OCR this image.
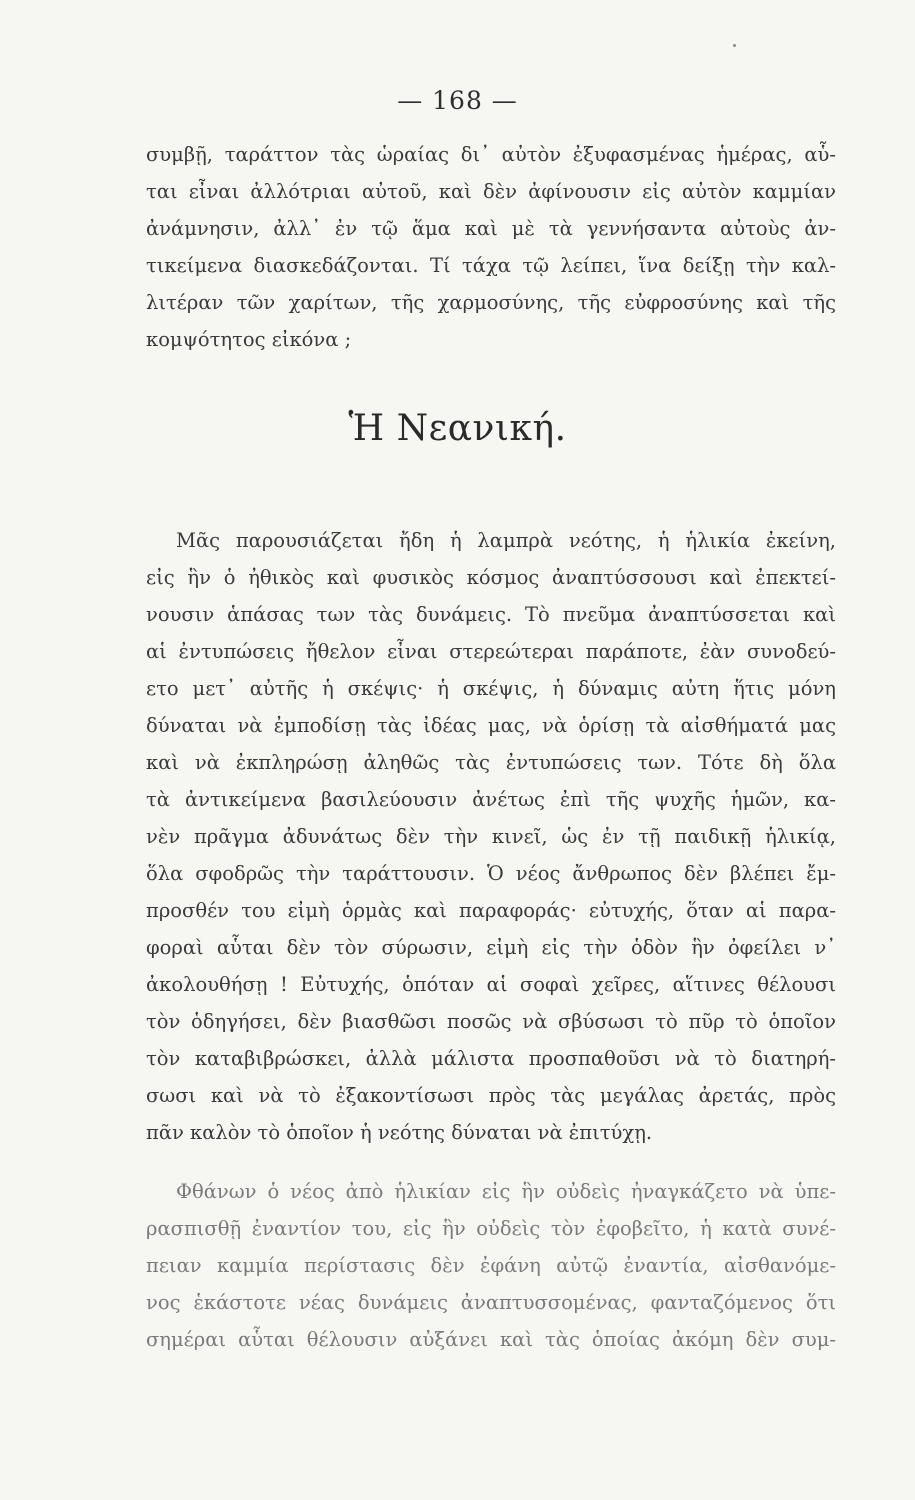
— 168 —
συμβῇ, ταράττον τὰς ὡραίας δι᾽ αὐτὸν ἐξυφασμένας ἡμέρας, αὗ-
ται εἶναι ἀλλότριαι αὐτοῦ, καὶ δὲν ἀφίνουσιν εἰς αὐτὸν καμμίαν
ἀνάμνησιν, ἀλλ᾽ ἐν τῷ ἅμα καὶ μὲ τὰ γεννήσαντα αὐτοὺς ἀν-
τικείμενα διασκεδάζονται. Τί τάχα τῷ λείπει, ἵνα δείξῃ τὴν καλ-
λιτέραν τῶν χαρίτων, τῆς χαρμοσύνης, τῆς εὐφροσύνης καὶ τῆς
κομψότητος εἰκόνα ;
Ἡ Νεανική.
Μᾶς παρουσιάζεται ἤδη ἡ λαμπρὰ νεότης, ἡ ἡλικία ἐκείνη,
εἰς ἣν ὁ ἠθικὸς καὶ φυσικὸς κόσμος ἀναπτύσσουσι καὶ ἐπεκτεί-
νουσιν ἁπάσας των τὰς δυνάμεις. Τὸ πνεῦμα ἀναπτύσσεται καὶ
αἱ ἐντυπώσεις ἤθελον εἶναι στερεώτεραι παράποτε, ἐὰν συνοδεύ-
ετο μετ᾽ αὐτῆς ἡ σκέψις· ἡ σκέψις, ἡ δύναμις αὐτη ἥτις μόνη
δύναται νὰ ἐμποδίσῃ τὰς ἰδέας μας, νὰ ὁρίσῃ τὰ αἰσθήματά μας
καὶ νὰ ἐκπληρώσῃ ἀληθῶς τὰς ἐντυπώσεις των. Τότε δὴ ὅλα
τὰ ἀντικείμενα βασιλεύουσιν ἀνέτως ἐπὶ τῆς ψυχῆς ἡμῶν, κα-
νὲν πρᾶγμα ἀδυνάτως δὲν τὴν κινεῖ, ὡς ἐν τῇ παιδικῇ ἡλικίᾳ,
ὅλα σφοδρῶς τὴν ταράττουσιν. Ὁ νέος ἄνθρωπος δὲν βλέπει ἔμ-
προσθέν του εἰμὴ ὁρμὰς καὶ παραφοράς· εὐτυχής, ὅταν αἱ παρα-
φοραὶ αὗται δὲν τὸν σύρωσιν, εἰμὴ εἰς τὴν ὁδὸν ἣν ὀφείλει ν᾽
ἀκολουθήσῃ ! Εὐτυχής, ὁπόταν αἱ σοφαὶ χεῖρες, αἵτινες θέλουσι
τὸν ὁδηγήσει, δὲν βιασθῶσι ποσῶς νὰ σβύσωσι τὸ πῦρ τὸ ὁποῖον
τὸν καταβιβρώσκει, ἀλλὰ μάλιστα προσπαθοῦσι νὰ τὸ διατηρή-
σωσι καὶ νὰ τὸ ἐξακοντίσωσι πρὸς τὰς μεγάλας ἀρετάς, πρὸς
πᾶν καλὸν τὸ ὁποῖον ἡ νεότης δύναται νὰ ἐπιτύχῃ.
Φθάνων ὁ νέος ἀπὸ ἡλικίαν εἰς ἣν οὐδεὶς ἠναγκάζετο νὰ ὑπε-
ρασπισθῇ ἐναντίον του, εἰς ἣν οὐδεὶς τὸν ἐφοβεῖτο, ἡ κατὰ συνέ-
πειαν καμμία περίστασις δὲν ἐφάνη αὐτῷ ἐναντία, αἰσθανόμε-
νος ἑκάστοτε νέας δυνάμεις ἀναπτυσσομένας, φανταζόμενος ὅτι
σημέραι αὗται θέλουσιν αὐξάνει καὶ τὰς ὁποίας ἀκόμη δὲν συμ-
